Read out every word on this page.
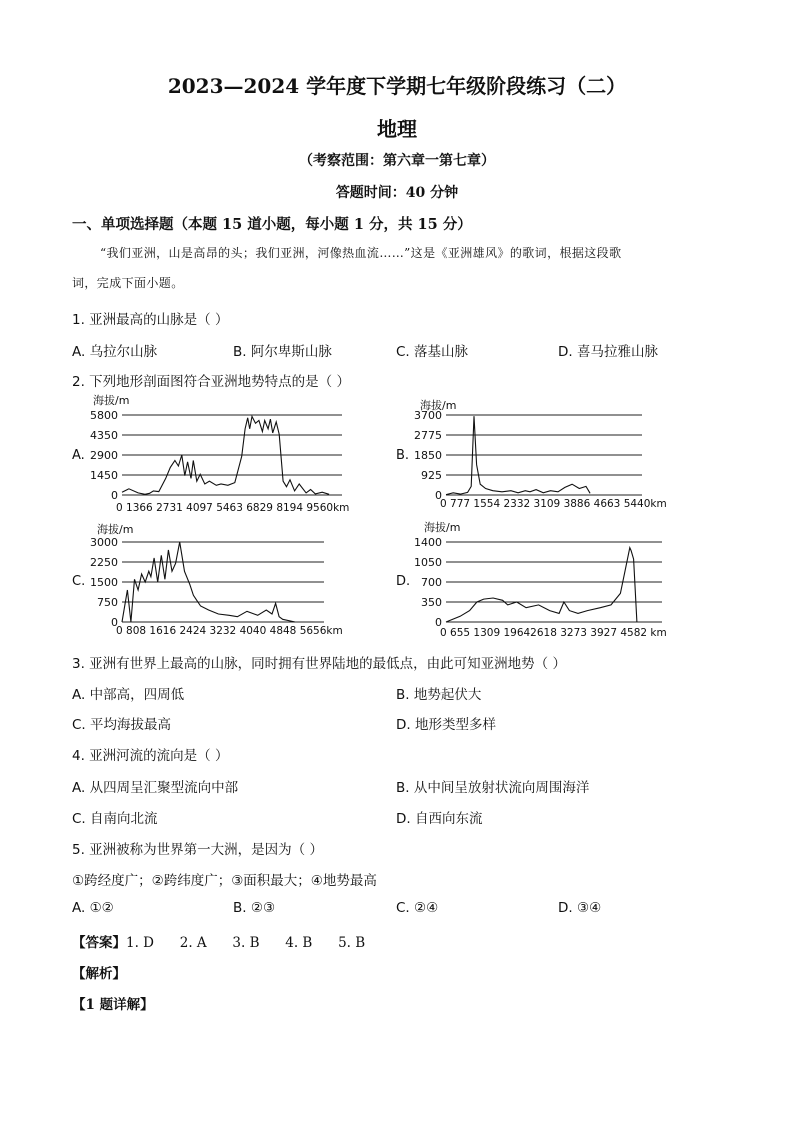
2023—2024 学年度下学期七年级阶段练习（二）
地理
（考察范围：第六章一第七章）
答题时间：40 分钟
一、单项选择题（本题 15 道小题，每小题 1 分，共 15 分）
“我们亚洲，山是高昂的头；我们亚洲，河像热血流……”这是《亚洲雄风》的歌词，根据这段歌
词，完成下面小题。
1. 亚洲最高的山脉是（ ）
A. 乌拉尔山脉	B. 阿尔卑斯山脉	C. 落基山脉	D. 喜马拉雅山脉
2. 下列地形剖面图符合亚洲地势特点的是（ ）
A.	B.
C.	D.
0
1450
2900
4350
5800
海拔/m
0 1366 2731 4097 5463 6829 8194 9560km
0
925
1850
2775
3700
海拔/m
0 777 1554 2332 3109 3886 4663 5440km
0
750
1500
2250
3000
海拔/m
0 808 1616 2424 3232 4040 4848 5656km
0
350
700
1050
1400
海拔/m
0 655 1309 19642618 3273 3927 4582 km
3. 亚洲有世界上最高的山脉，同时拥有世界陆地的最低点，由此可知亚洲地势（ ）
A. 中部高，四周低	B. 地势起伏大
C. 平均海拔最高	D. 地形类型多样
4. 亚洲河流的流向是（ ）
A. 从四周呈汇聚型流向中部	B. 从中间呈放射状流向周围海洋
C. 自南向北流	D. 自西向东流
5. 亚洲被称为世界第一大洲，是因为（ ）
①跨经度广；②跨纬度广；③面积最大；④地势最高
A. ①②	B. ②③	C. ②④	D. ③④
【答案】1. D      2. A      3. B      4. B      5. B
【解析】
【1 题详解】
